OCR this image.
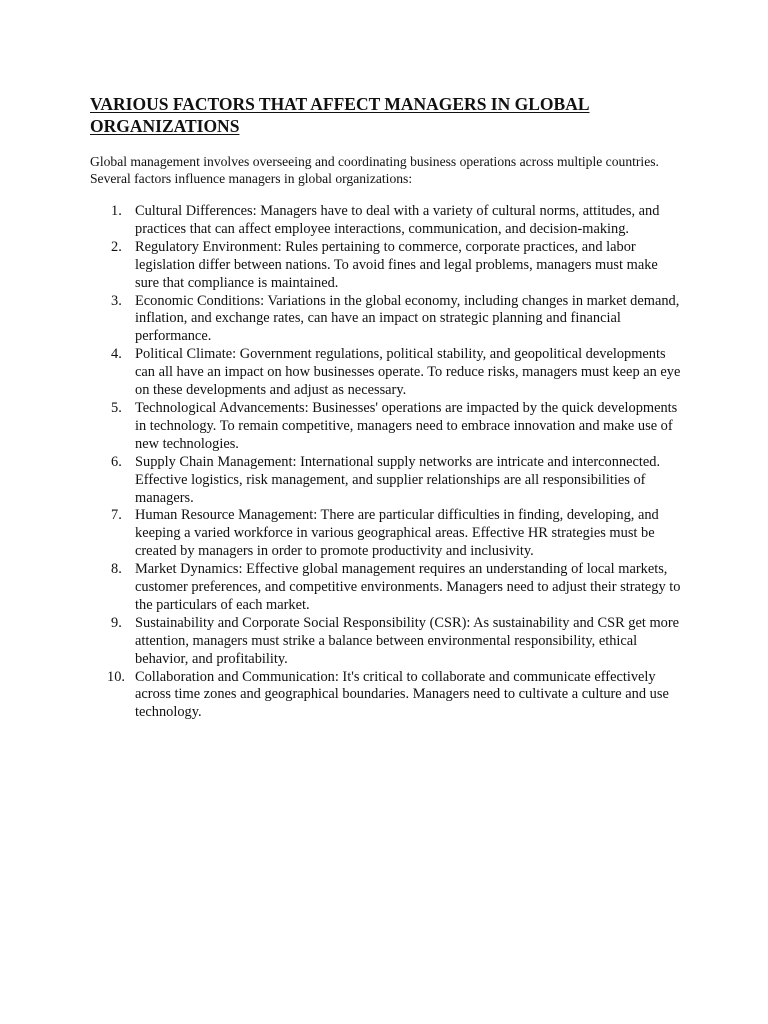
VARIOUS FACTORS THAT AFFECT MANAGERS IN GLOBAL ORGANIZATIONS

Global management involves overseeing and coordinating business operations across multiple countries. Several factors influence managers in global organizations:

1. Cultural Differences: Managers have to deal with a variety of cultural norms, attitudes, and practices that can affect employee interactions, communication, and decision-making.
2. Regulatory Environment: Rules pertaining to commerce, corporate practices, and labor legislation differ between nations. To avoid fines and legal problems, managers must make sure that compliance is maintained.
3. Economic Conditions: Variations in the global economy, including changes in market demand, inflation, and exchange rates, can have an impact on strategic planning and financial performance.
4. Political Climate: Government regulations, political stability, and geopolitical developments can all have an impact on how businesses operate. To reduce risks, managers must keep an eye on these developments and adjust as necessary.
5. Technological Advancements: Businesses' operations are impacted by the quick developments in technology. To remain competitive, managers need to embrace innovation and make use of new technologies.
6. Supply Chain Management: International supply networks are intricate and interconnected. Effective logistics, risk management, and supplier relationships are all responsibilities of managers.
7. Human Resource Management: There are particular difficulties in finding, developing, and keeping a varied workforce in various geographical areas. Effective HR strategies must be created by managers in order to promote productivity and inclusivity.
8. Market Dynamics: Effective global management requires an understanding of local markets, customer preferences, and competitive environments. Managers need to adjust their strategy to the particulars of each market.
9. Sustainability and Corporate Social Responsibility (CSR): As sustainability and CSR get more attention, managers must strike a balance between environmental responsibility, ethical behavior, and profitability.
10. Collaboration and Communication: It's critical to collaborate and communicate effectively across time zones and geographical boundaries. Managers need to cultivate a culture and use technology.
